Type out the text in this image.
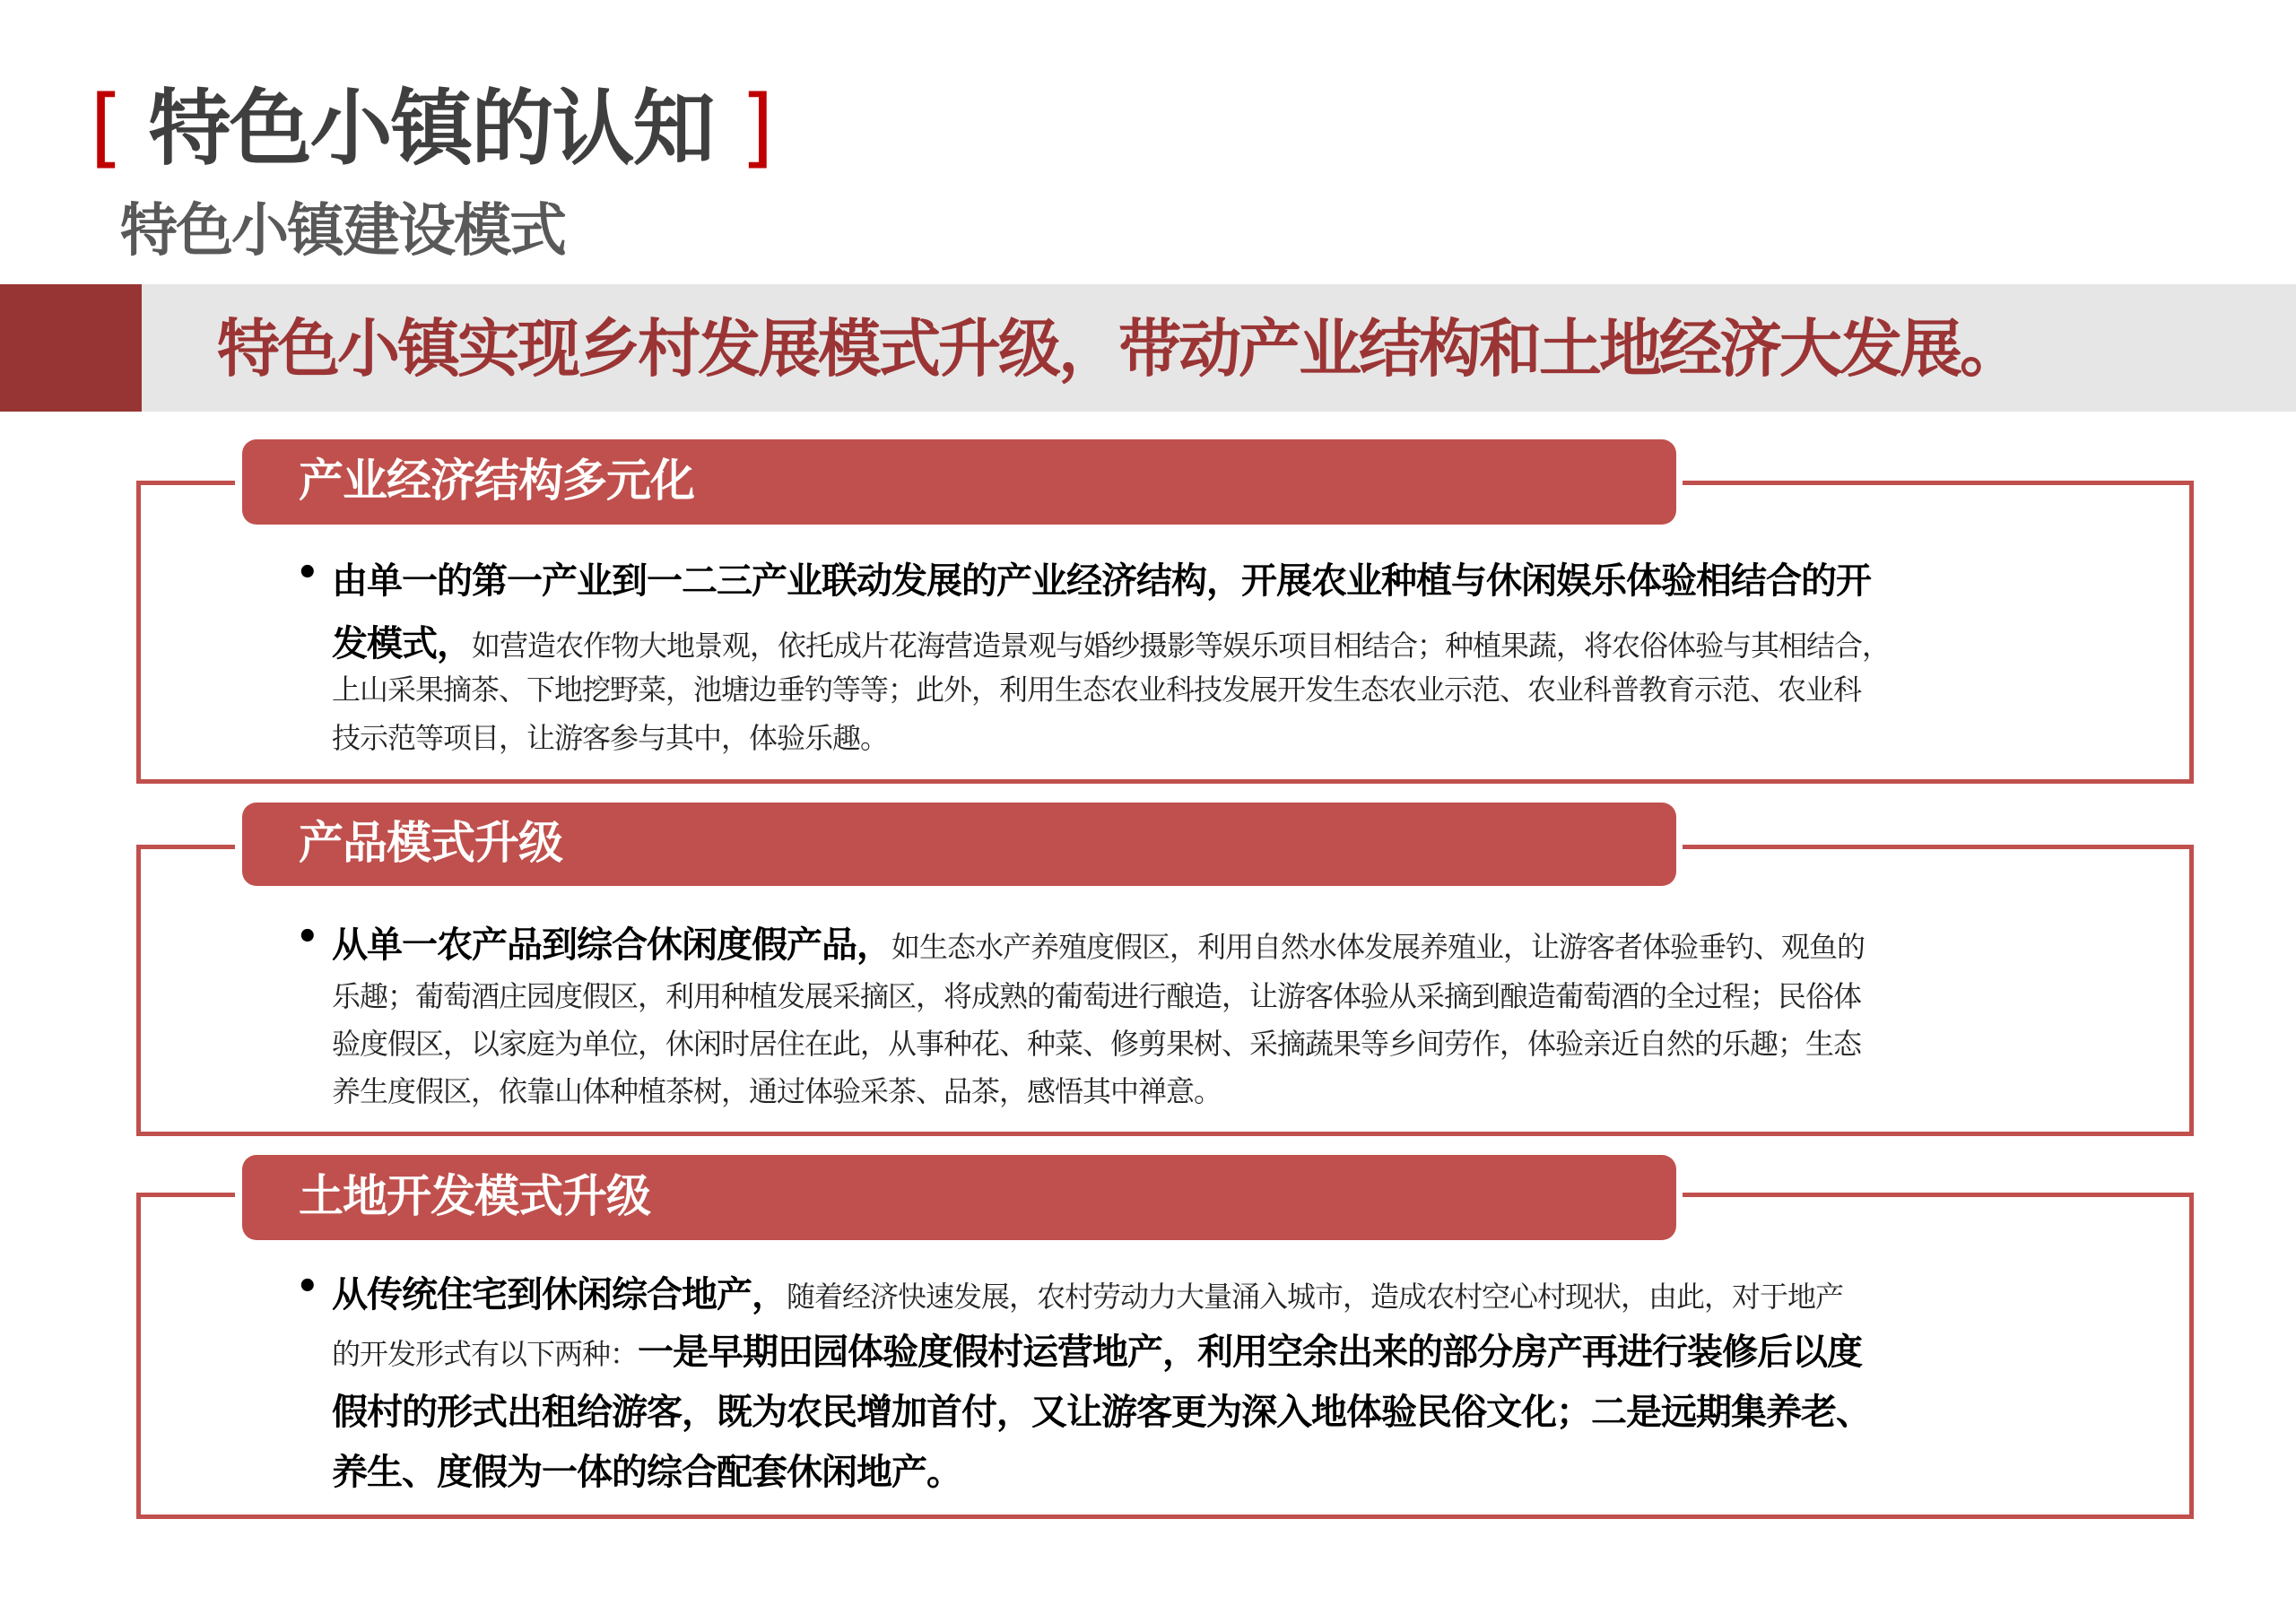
[ 特色小镇的认知 ]
特色小镇建设模式
特色小镇实现乡村发展模式升级，带动产业结构和土地经济大发展。
产业经济结构多元化
• 由单一的第一产业到一二三产业联动发展的产业经济结构，开展农业种植与休闲娱乐体验相结合的开
发模式，如营造农作物大地景观，依托成片花海营造景观与婚纱摄影等娱乐项目相结合；种植果蔬，将农俗体验与其相结合，
上山采果摘茶、下地挖野菜，池塘边垂钓等等；此外，利用生态农业科技发展开发生态农业示范、农业科普教育示范、农业科
技示范等项目，让游客参与其中，体验乐趣。
产品模式升级
• 从单一农产品到综合休闲度假产品，如生态水产养殖度假区，利用自然水体发展养殖业，让游客者体验垂钓、观鱼的
乐趣；葡萄酒庄园度假区，利用种植发展采摘区，将成熟的葡萄进行酿造，让游客体验从采摘到酿造葡萄酒的全过程；民俗体
验度假区，以家庭为单位，休闲时居住在此，从事种花、种菜、修剪果树、采摘蔬果等乡间劳作，体验亲近自然的乐趣；生态
养生度假区，依靠山体种植茶树，通过体验采茶、品茶，感悟其中禅意。
土地开发模式升级
• 从传统住宅到休闲综合地产，随着经济快速发展，农村劳动力大量涌入城市，造成农村空心村现状，由此，对于地产
的开发形式有以下两种：一是早期田园体验度假村运营地产，利用空余出来的部分房产再进行装修后以度
假村的形式出租给游客，既为农民增加首付，又让游客更为深入地体验民俗文化；二是远期集养老、
养生、度假为一体的综合配套休闲地产。
